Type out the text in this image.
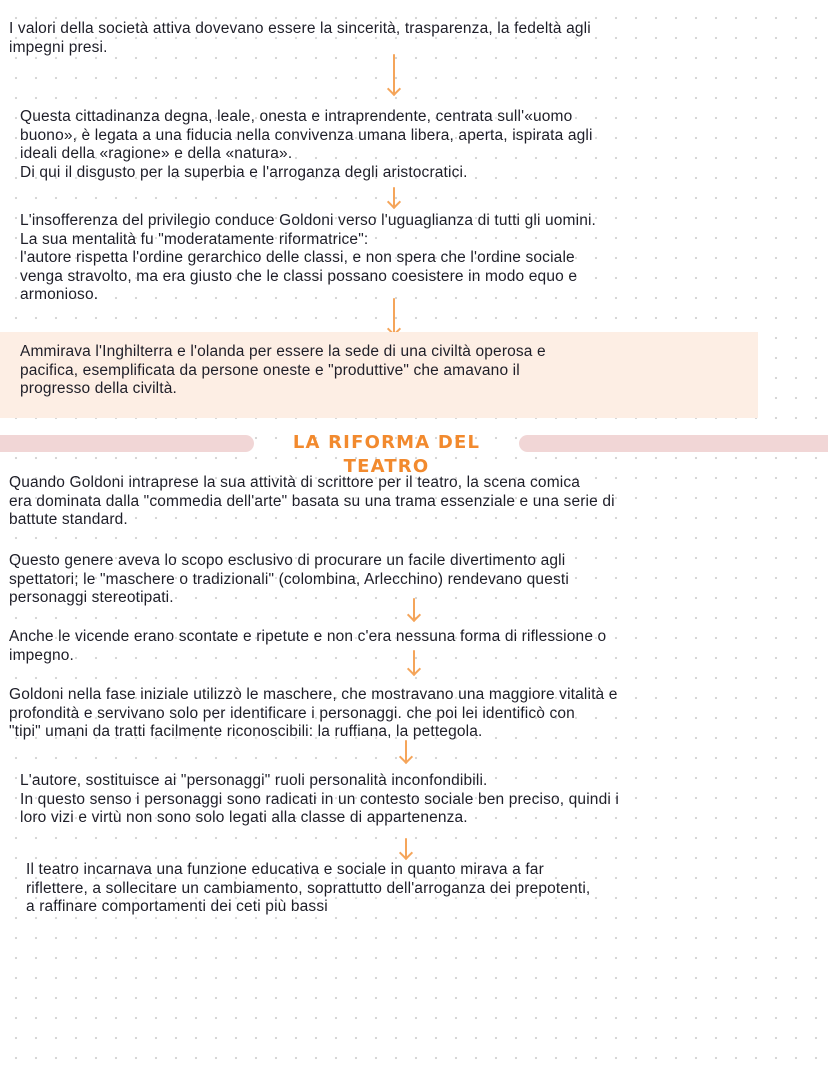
I valori della società attiva dovevano essere la sincerità, trasparenza, la fedeltà agli
impegni presi.

Questa cittadinanza degna, leale, onesta e intraprendente, centrata sull'«uomo
buono», è legata a una fiducia nella convivenza umana libera, aperta, ispirata agli
ideali della «ragione» e della «natura».
Di qui il disgusto per la superbia e l'arroganza degli aristocratici.

L'insofferenza del privilegio conduce Goldoni verso l'uguaglianza di tutti gli uomini.
La sua mentalità fu "moderatamente riformatrice":
l'autore rispetta l'ordine gerarchico delle classi, e non spera che l'ordine sociale
venga stravolto, ma era giusto che le classi possano coesistere in modo equo e
armonioso.

Ammirava l'Inghilterra e l'olanda per essere la sede di una civiltà operosa e
pacifica, esemplificata da persone oneste e "produttive" che amavano il
progresso della civiltà.

LA RIFORMA DEL TEATRO

Quando Goldoni intraprese la sua attività di scrittore per il teatro, la scena comica
era dominata dalla "commedia dell'arte" basata su una trama essenziale e una serie di
battute standard.

Questo genere aveva lo scopo esclusivo di procurare un facile divertimento agli
spettatori; le "maschere o tradizionali" (colombina, Arlecchino) rendevano questi
personaggi stereotipati.

Anche le vicende erano scontate e ripetute e non c'era nessuna forma di riflessione o
impegno.

Goldoni nella fase iniziale utilizzò le maschere, che mostravano una maggiore vitalità e
profondità e servivano solo per identificare i personaggi. che poi lei identificò con
"tipi" umani da tratti facilmente riconoscibili: la ruffiana, la pettegola.

L'autore, sostituisce ai "personaggi" ruoli personalità inconfondibili.
In questo senso i personaggi sono radicati in un contesto sociale ben preciso, quindi i
loro vizi e virtù non sono solo legati alla classe di appartenenza.

Il teatro incarnava una funzione educativa e sociale in quanto mirava a far
riflettere, a sollecitare un cambiamento, soprattutto dell'arroganza dei prepotenti,
a raffinare comportamenti dei ceti più bassi
